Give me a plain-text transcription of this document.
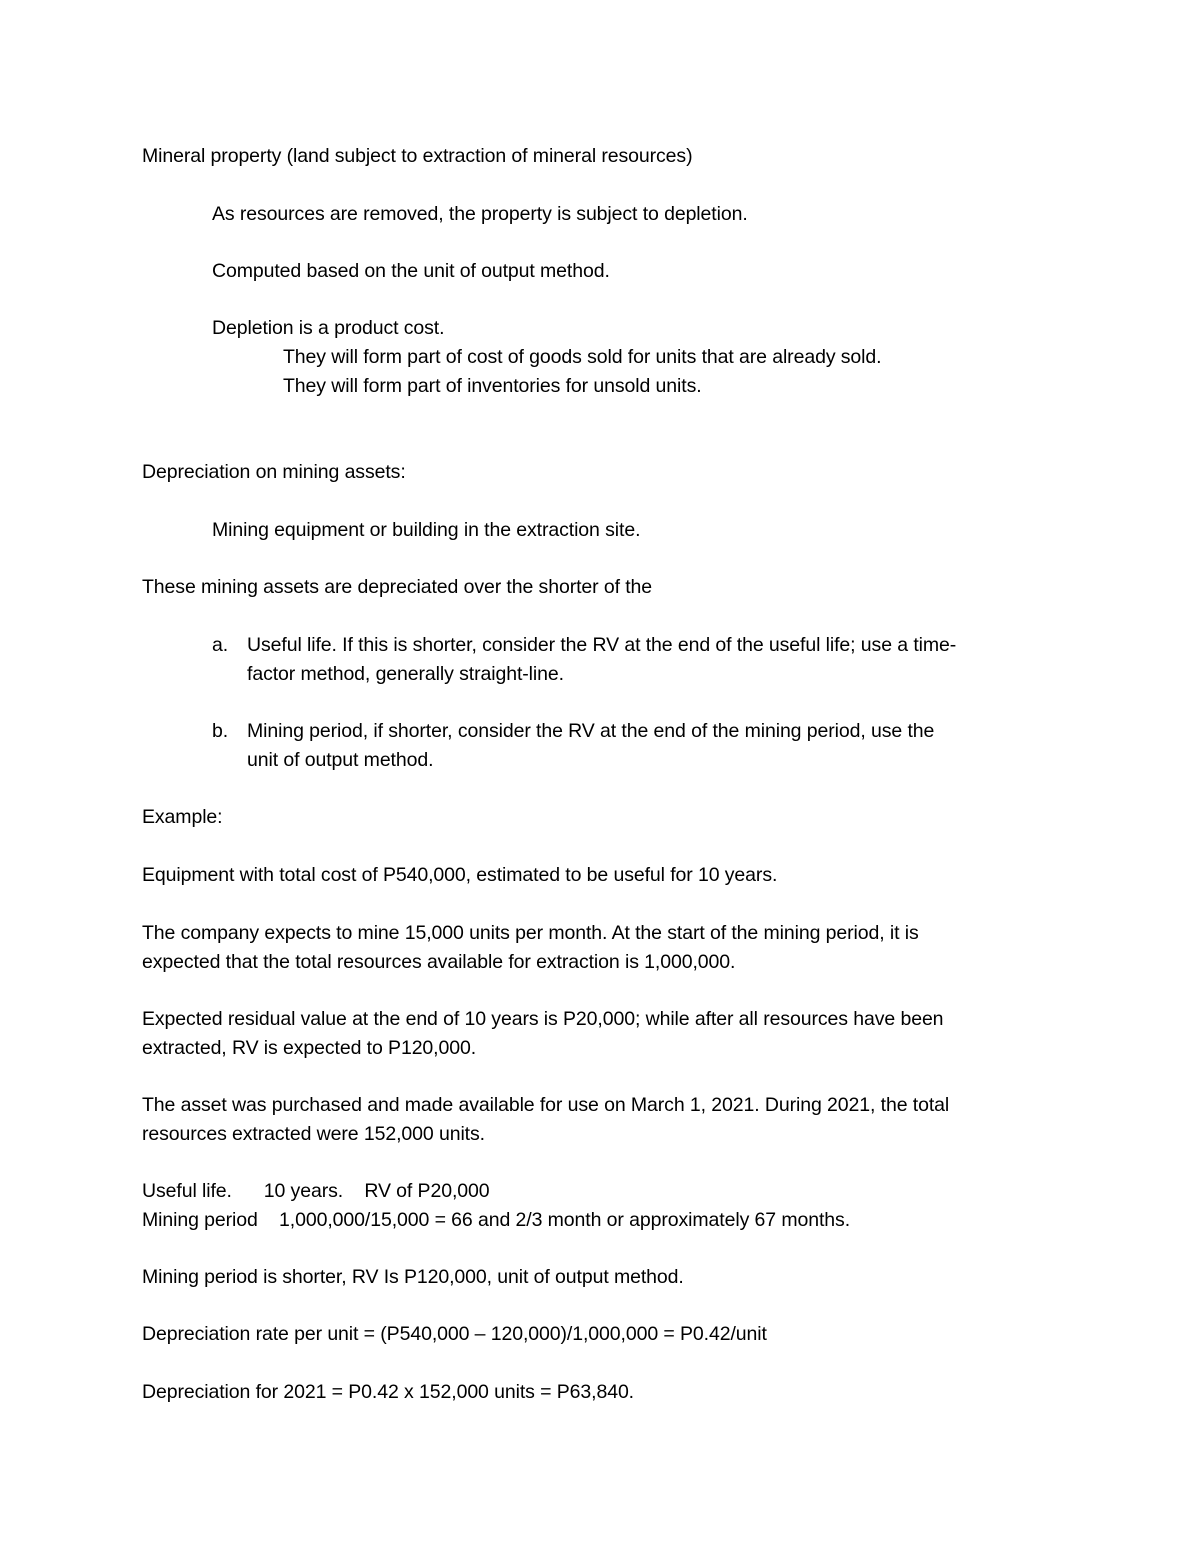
Mineral property (land subject to extraction of mineral resources)
As resources are removed, the property is subject to depletion.
Computed based on the unit of output method.
Depletion is a product cost.
They will form part of cost of goods sold for units that are already sold.
They will form part of inventories for unsold units.
Depreciation on mining assets:
Mining equipment or building in the extraction site.
These mining assets are depreciated over the shorter of the
a. Useful life. If this is shorter, consider the RV at the end of the useful life; use a time-
factor method, generally straight-line.
b. Mining period, if shorter, consider the RV at the end of the mining period, use the
unit of output method.
Example:
Equipment with total cost of P540,000, estimated to be useful for 10 years.
The company expects to mine 15,000 units per month. At the start of the mining period, it is
expected that the total resources available for extraction is 1,000,000.
Expected residual value at the end of 10 years is P20,000; while after all resources have been
extracted, RV is expected to P120,000.
The asset was purchased and made available for use on March 1, 2021. During 2021, the total
resources extracted were 152,000 units.
Useful life.      10 years.    RV of P20,000
Mining period    1,000,000/15,000 = 66 and 2/3 month or approximately 67 months.
Mining period is shorter, RV Is P120,000, unit of output method.
Depreciation rate per unit = (P540,000 – 120,000)/1,000,000 = P0.42/unit
Depreciation for 2021 = P0.42 x 152,000 units = P63,840.
